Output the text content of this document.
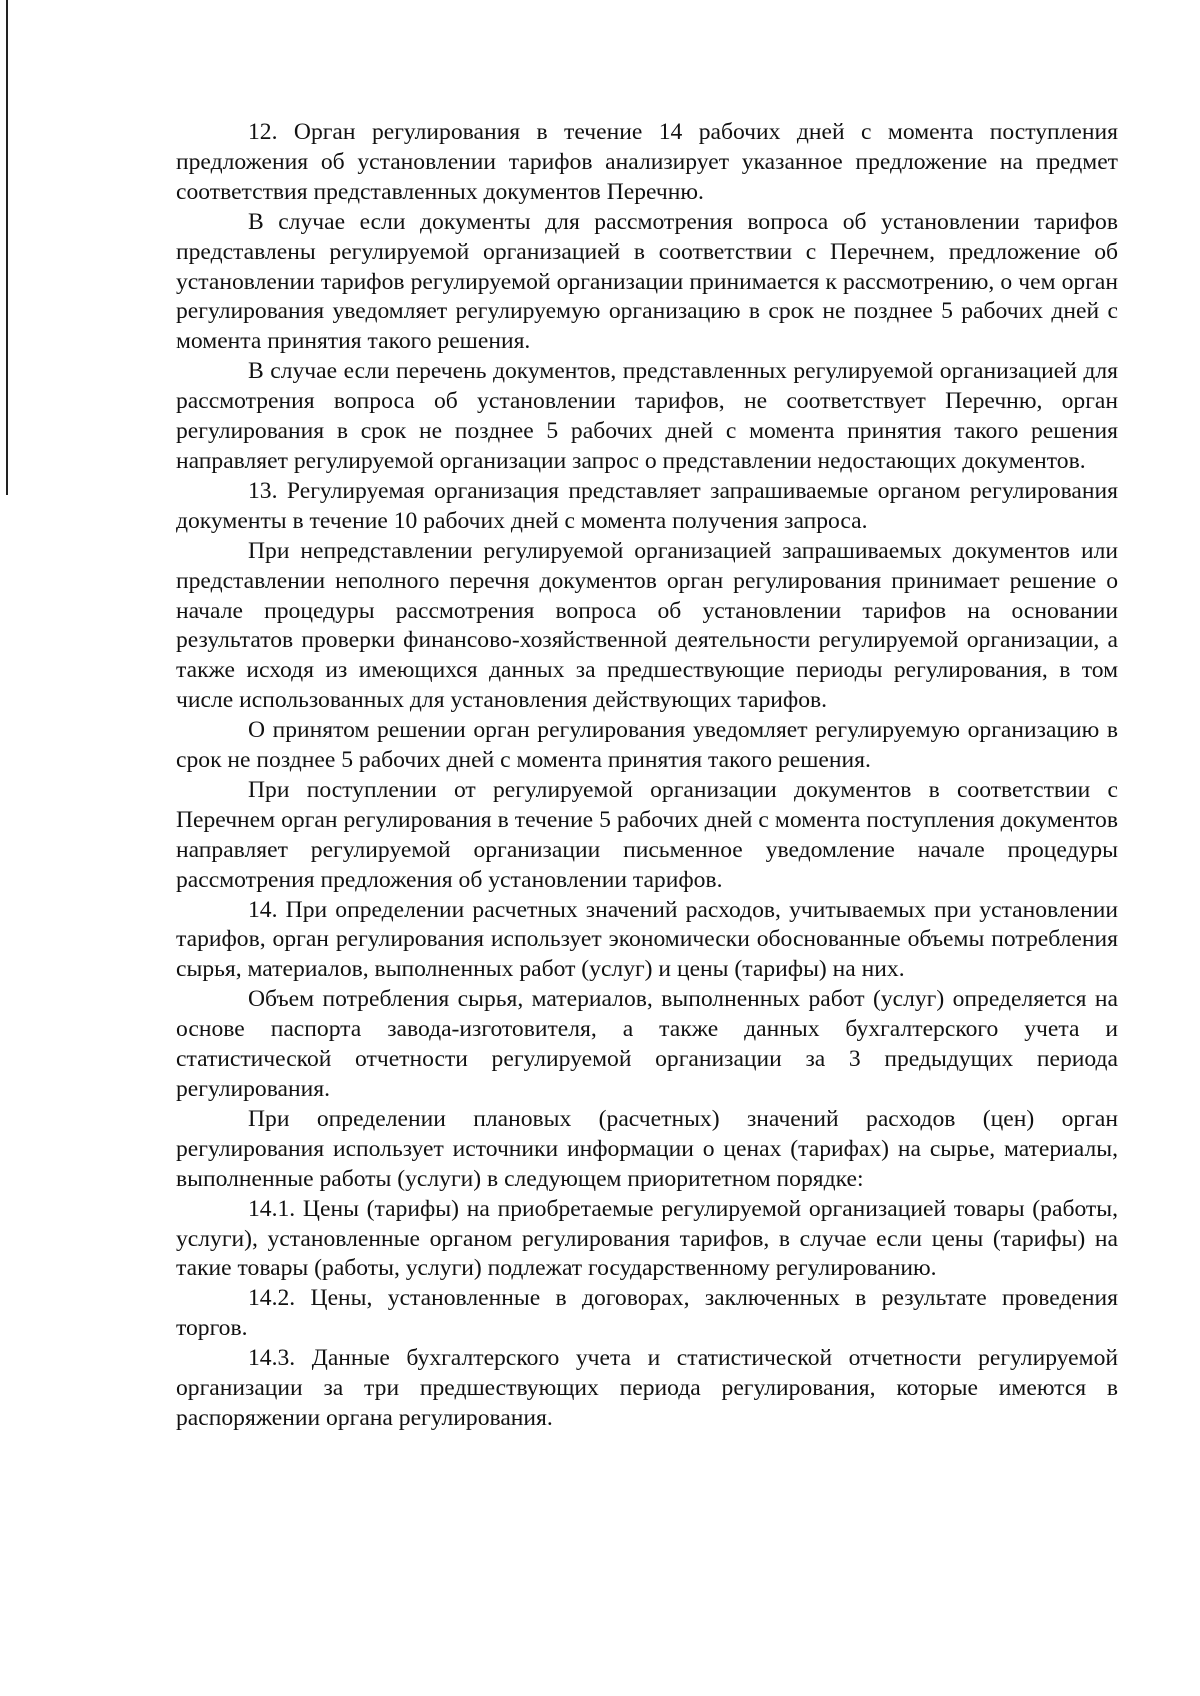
12. Орган регулирования в течение 14 рабочих дней с момента поступления предложения об установлении тарифов анализирует указанное предложение на предмет соответствия представленных документов Перечню.

В случае если документы для рассмотрения вопроса об установлении тарифов представлены регулируемой организацией в соответствии с Перечнем, предложение об установлении тарифов регулируемой организации принимается к рассмотрению, о чем орган регулирования уведомляет регулируемую организацию в срок не позднее 5 рабочих дней с момента принятия такого решения.

В случае если перечень документов, представленных регулируемой организацией для рассмотрения вопроса об установлении тарифов, не соответствует Перечню, орган регулирования в срок не позднее 5 рабочих дней с момента принятия такого решения направляет регулируемой организации запрос о представлении недостающих документов.

13. Регулируемая организация представляет запрашиваемые органом регулирования документы в течение 10 рабочих дней с момента получения запроса.

При непредставлении регулируемой организацией запрашиваемых документов или представлении неполного перечня документов орган регулирования принимает решение о начале процедуры рассмотрения вопроса об установлении тарифов на основании результатов проверки финансово-хозяйственной деятельности регулируемой организации, а также исходя из имеющихся данных за предшествующие периоды регулирования, в том числе использованных для установления действующих тарифов.

О принятом решении орган регулирования уведомляет регулируемую организацию в срок не позднее 5 рабочих дней с момента принятия такого решения.

При поступлении от регулируемой организации документов в соответствии с Перечнем орган регулирования в течение 5 рабочих дней с момента поступления документов направляет регулируемой организации письменное уведомление начале процедуры рассмотрения предложения об установлении тарифов.

14. При определении расчетных значений расходов, учитываемых при установлении тарифов, орган регулирования использует экономически обоснованные объемы потребления сырья, материалов, выполненных работ (услуг) и цены (тарифы) на них.

Объем потребления сырья, материалов, выполненных работ (услуг) определяется на основе паспорта завода-изготовителя, а также данных бухгалтерского учета и статистической отчетности регулируемой организации за 3 предыдущих периода регулирования.

При определении плановых (расчетных) значений расходов (цен) орган регулирования использует источники информации о ценах (тарифах) на сырье, материалы, выполненные работы (услуги) в следующем приоритетном порядке:

14.1. Цены (тарифы) на приобретаемые регулируемой организацией товары (работы, услуги), установленные органом регулирования тарифов, в случае если цены (тарифы) на такие товары (работы, услуги) подлежат государственному регулированию.

14.2. Цены, установленные в договорах, заключенных в результате проведения торгов.

14.3. Данные бухгалтерского учета и статистической отчетности регулируемой организации за три предшествующих периода регулирования, которые имеются в распоряжении органа регулирования.
